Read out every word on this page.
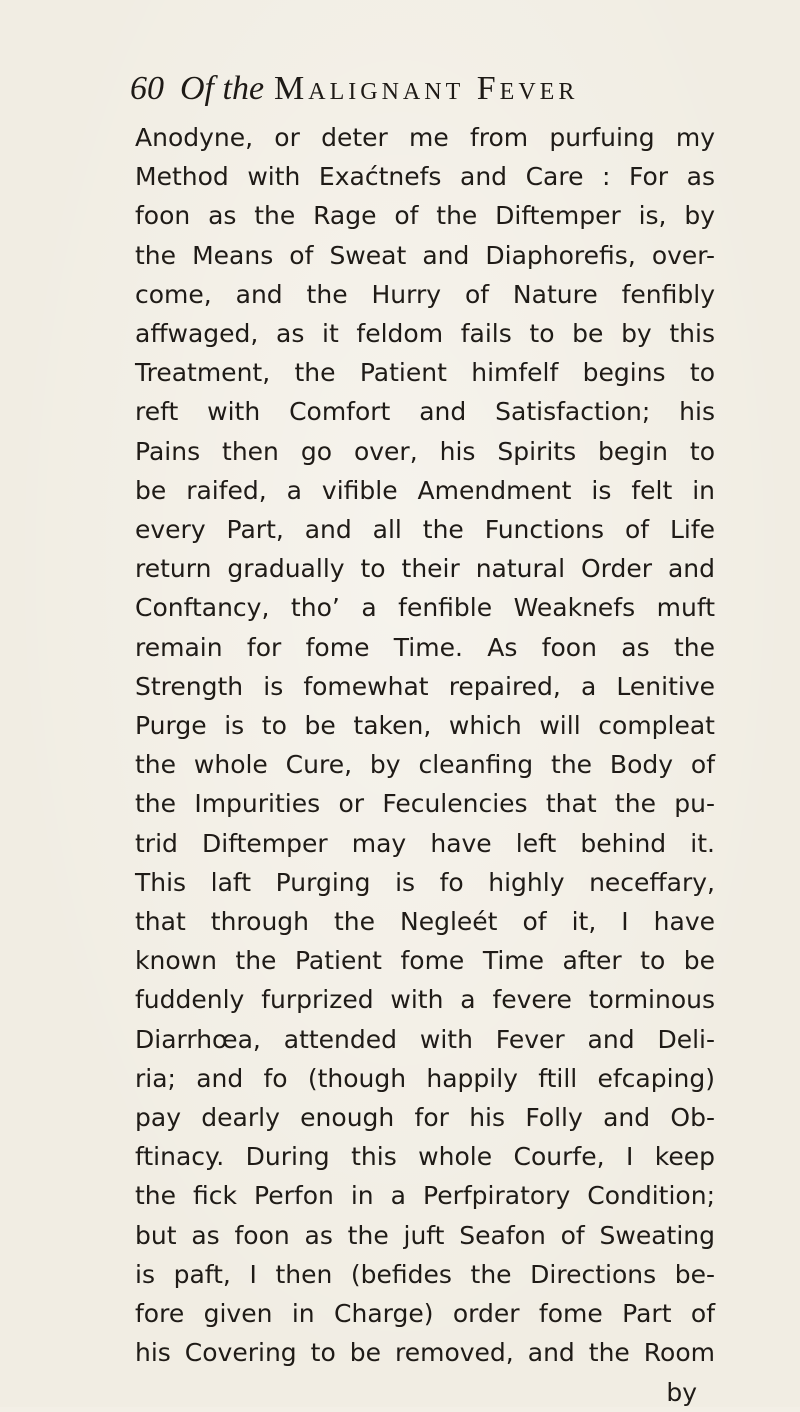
60 Of the Malignant Fever
Anodyne, or deter me from purfuing my
Method with Exaćtnefs and Care : For as
foon as the Rage of the Diftemper is, by
the Means of Sweat and Diaphorefis, over-
come, and the Hurry of Nature fenfibly
affwaged, as it feldom fails to be by this
Treatment, the Patient himfelf begins to
reft with Comfort and Satisfaction; his
Pains then go over, his Spirits begin to
be raifed, a vifible Amendment is felt in
every Part, and all the Functions of Life
return gradually to their natural Order and
Conftancy, tho’ a fenfible Weaknefs muft
remain for fome Time. As foon as the
Strength is fomewhat repaired, a Lenitive
Purge is to be taken, which will compleat
the whole Cure, by cleanfing the Body of
the Impurities or Feculencies that the pu-
trid Diftemper may have left behind it.
This laft Purging is fo highly neceffary,
that through the Negleét of it, I have
known the Patient fome Time after to be
fuddenly furprized with a fevere torminous
Diarrhœa, attended with Fever and Deli-
ria; and fo (though happily ftill efcaping)
pay dearly enough for his Folly and Ob-
ftinacy. During this whole Courfe, I keep
the fick Perfon in a Perfpiratory Condition;
but as foon as the juft Seafon of Sweating
is paft, I then (befides the Directions be-
fore given in Charge) order fome Part of
his Covering to be removed, and the Room
by
